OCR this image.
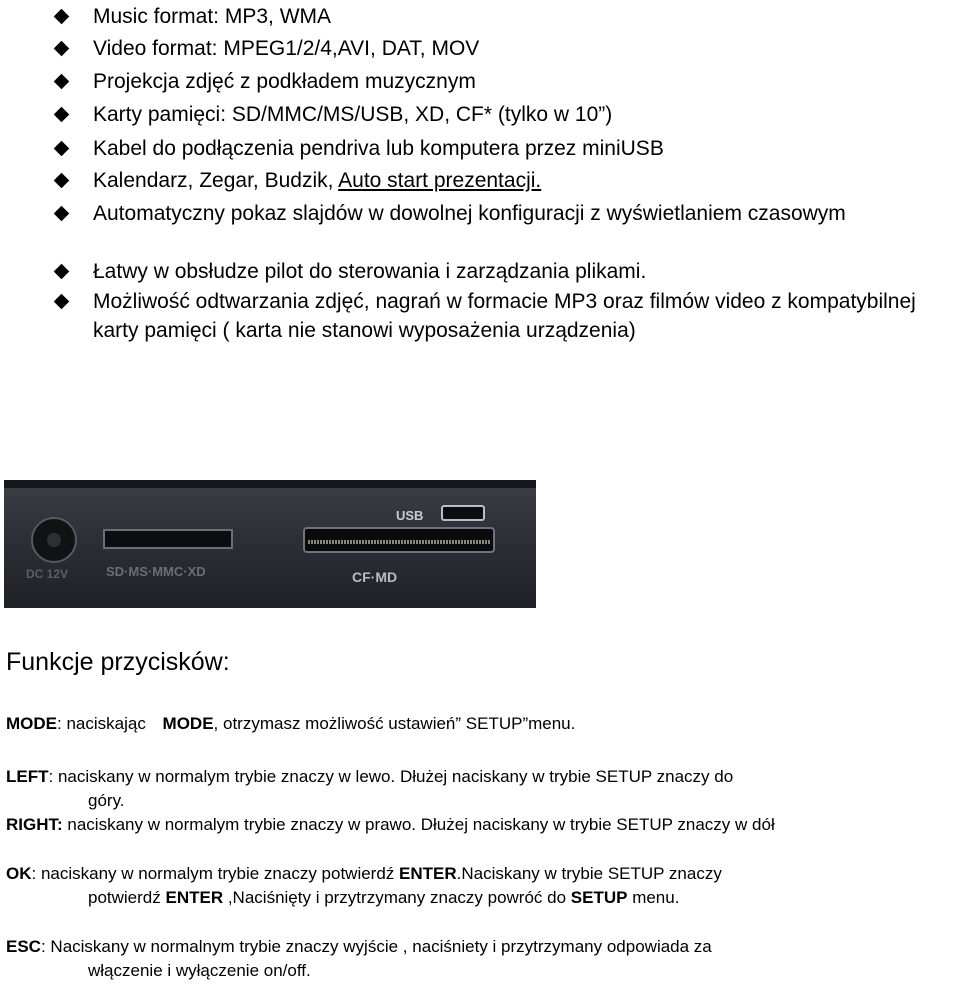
Music format: MP3, WMA
Video format: MPEG1/2/4,AVI, DAT, MOV
Projekcja zdjęć z podkładem muzycznym
Karty pamięci: SD/MMC/MS/USB, XD, CF* (tylko w 10”)
Kabel do podłączenia pendriva lub komputera przez miniUSB
Kalendarz, Zegar, Budzik, Auto start prezentacji.
Automatyczny pokaz slajdów w dowolnej konfiguracji z wyświetlaniem czasowym
Łatwy w obsłudze pilot do sterowania i zarządzania plikami.
Możliwość odtwarzania zdjęć, nagrań w formacie MP3 oraz filmów video z kompatybilnej karty pamięci ( karta nie stanowi wyposażenia urządzenia)
USB
DC 12V	SD·MS·MMC·XD	CF·MD
Funkcje przycisków:
MODE: naciskając MODE, otrzymasz możliwość ustawień” SETUP”menu.
LEFT: naciskany w normalym trybie znaczy w lewo. Dłużej naciskany w trybie SETUP znaczy do
góry.
RIGHT: naciskany w normalym trybie znaczy w prawo. Dłużej naciskany w trybie SETUP znaczy w dół
OK: naciskany w normalym trybie znaczy potwierdź ENTER.Naciskany w trybie SETUP znaczy
potwierdź ENTER ,Naciśnięty i przytrzymany znaczy powróć do SETUP menu.
ESC: Naciskany w normalnym trybie znaczy wyjście , naciśniety i przytrzymany odpowiada za
włączenie i wyłączenie on/off.
